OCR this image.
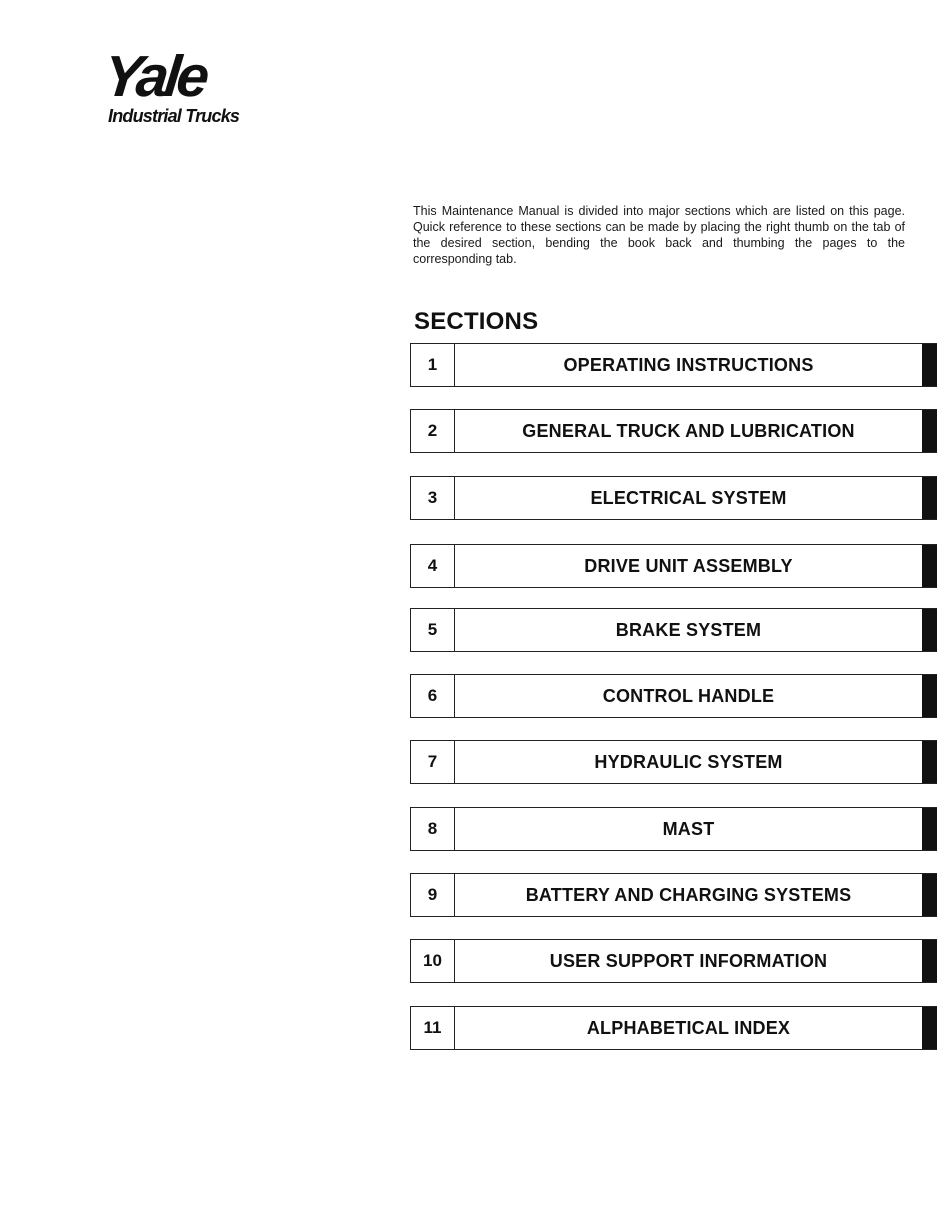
Yale
Industrial Trucks

This Maintenance Manual is divided into major sections which are listed on this page. Quick reference to these sections can be made by placing the right thumb on the tab of the desired section, bending the book back and thumbing the pages to the corresponding tab.

SECTIONS
1	OPERATING INSTRUCTIONS
2	GENERAL TRUCK AND LUBRICATION
3	ELECTRICAL SYSTEM
4	DRIVE UNIT ASSEMBLY
5	BRAKE SYSTEM
6	CONTROL HANDLE
7	HYDRAULIC SYSTEM
8	MAST
9	BATTERY AND CHARGING SYSTEMS
10	USER SUPPORT INFORMATION
11	ALPHABETICAL INDEX
